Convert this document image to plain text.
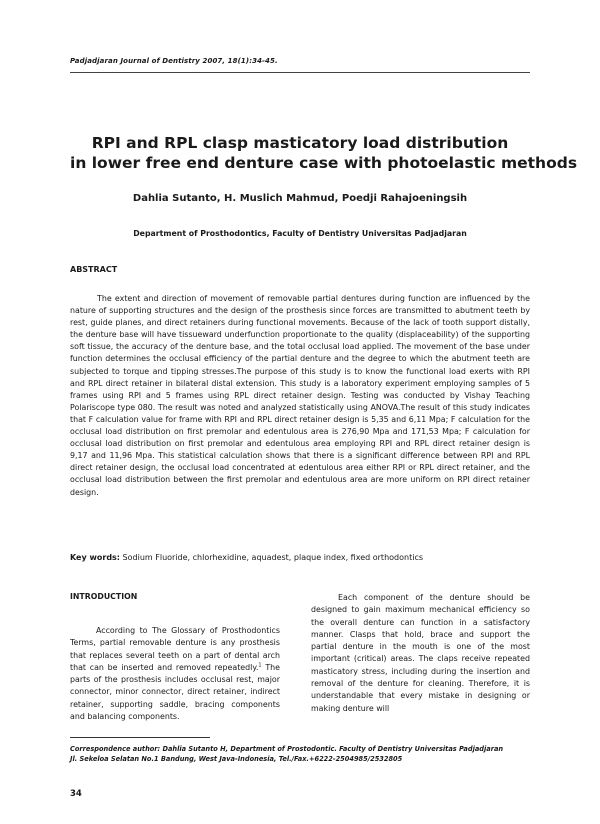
Padjadjaran Journal of Dentistry 2007, 18(1):34-45.
RPI and RPL clasp masticatory load distribution
in lower free end denture case with photoelastic methods
Dahlia Sutanto, H. Muslich Mahmud, Poedji Rahajoeningsih
Department of Prosthodontics, Faculty of Dentistry Universitas Padjadjaran
ABSTRACT

The extent and direction of movement of removable partial dentures during function are influenced by the nature of supporting structures and the design of the prosthesis since forces are transmitted to abutment teeth by rest, guide planes, and direct retainers during functional movements. Because of the lack of tooth support distally, the denture base will have tissueward underfunction proportionate to the quality (displaceability) of the supporting soft tissue, the accuracy of the denture base, and the total occlusal load applied. The movement of the base under function determines the occlusal efficiency of the partial denture and the degree to which the abutment teeth are subjected to torque and tipping stresses.The purpose of this study is to know the functional load exerts with RPI and RPL direct retainer in bilateral distal extension. This study is a laboratory experiment employing samples of 5 frames using RPI and 5 frames using RPL direct retainer design. Testing was conducted by Vishay Teaching Polariscope type 080. The result was noted and analyzed statistically using ANOVA.The result of this study indicates that F calculation value for frame with RPI and RPL direct retainer design is 5,35 and 6,11 Mpa; F calculation for the occlusal load distribution on first premolar and edentulous area is 276,90 Mpa and 171,53 Mpa; F calculation for occlusal load distribution on first premolar and edentulous area employing RPI and RPL direct retainer design is 9,17 and 11,96 Mpa. This statistical calculation shows that there is a significant difference between RPI and RPL direct retainer design, the occlusal load concentrated at edentulous area either RPI or RPL direct retainer, and the occlusal load distribution between the first premolar and edentulous area are more uniform on RPI direct retainer design.

Key words: Sodium Fluoride, chlorhexidine, aquadest, plaque index, fixed orthodontics

INTRODUCTION

According to The Glossary of Prosthodontics Terms, partial removable denture is any prosthesis that replaces several teeth on a part of dental arch that can be inserted and removed repeatedly.$^1$ The parts of the prosthesis includes occlusal rest, major connector, minor connector, direct retainer, indirect retainer, supporting saddle, bracing components and balancing components.

Each component of the denture should be designed to gain maximum mechanical efficiency so the overall denture can function in a satisfactory manner. Clasps that hold, brace and support the partial denture in the mouth is one of the most important (critical) areas. The claps receive repeated masticatory stress, including during the insertion and removal of the denture for cleaning. Therefore, it is understandable that every mistake in designing or making denture will

Correspondence author: Dahlia Sutanto H, Department of Prostodontic. Faculty of Dentistry Universitas Padjadjaran
Jl. Sekeloa Selatan No.1 Bandung, West Java-Indonesia, Tel./Fax.+6222-2504985/2532805
34
